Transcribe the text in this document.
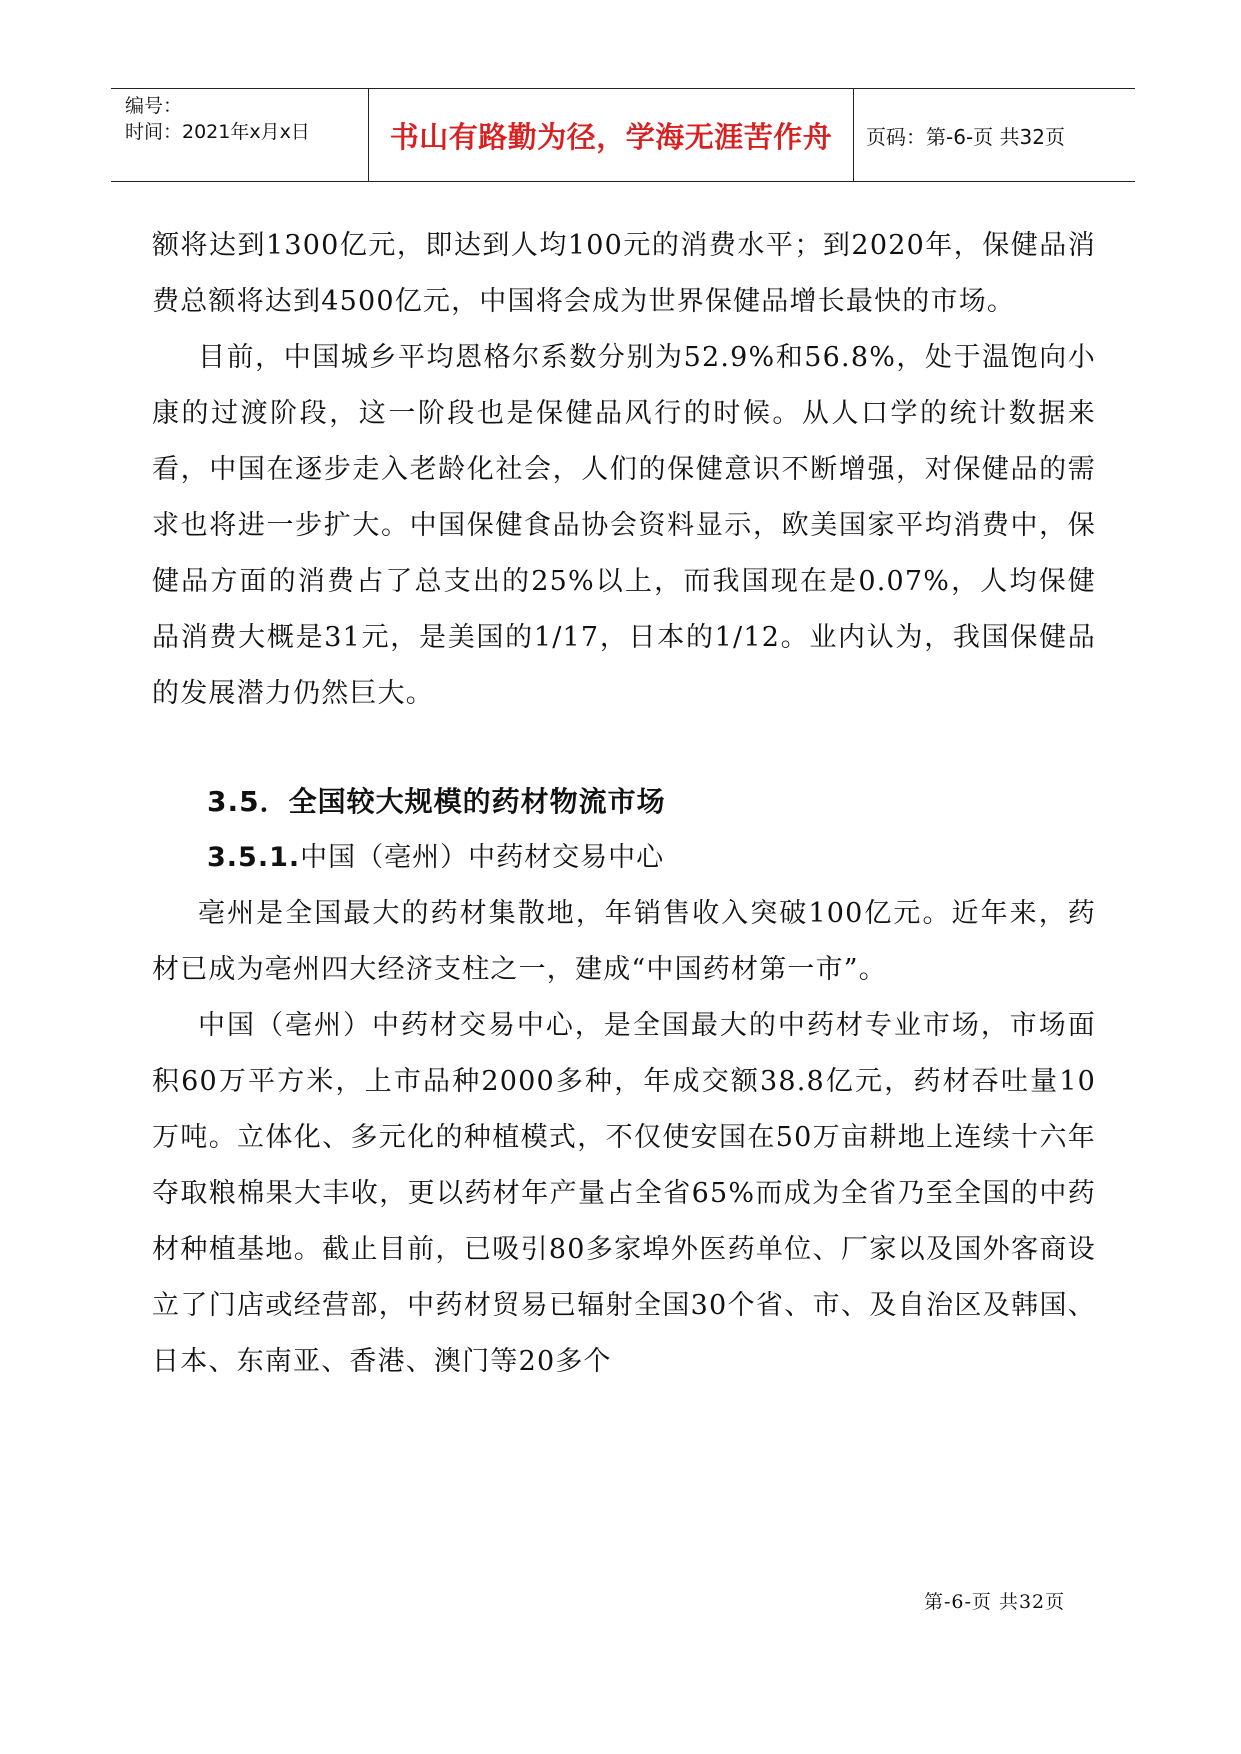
编号：
时间：2021年x月x日	书山有路勤为径，学海无涯苦作舟	页码：第-6-页 共32页

额将达到1300亿元，即达到人均100元的消费水平；到2020年，保健品消费总额将达到4500亿元，中国将会成为世界保健品增长最快的市场。

目前，中国城乡平均恩格尔系数分别为52.9%和56.8%，处于温饱向小康的过渡阶段，这一阶段也是保健品风行的时候。从人口学的统计数据来看，中国在逐步走入老龄化社会，人们的保健意识不断增强，对保健品的需求也将进一步扩大。中国保健食品协会资料显示，欧美国家平均消费中，保健品方面的消费占了总支出的25%以上，而我国现在是0.07%，人均保健品消费大概是31元，是美国的1/17，日本的1/12。业内认为，我国保健品的发展潜力仍然巨大。

3.5．全国较大规模的药材物流市场

3.5.1.中国（亳州）中药材交易中心

亳州是全国最大的药材集散地，年销售收入突破100亿元。近年来，药材已成为亳州四大经济支柱之一，建成“中国药材第一市”。

中国（亳州）中药材交易中心，是全国最大的中药材专业市场，市场面积60万平方米，上市品种2000多种，年成交额38.8亿元，药材吞吐量10万吨。立体化、多元化的种植模式，不仅使安国在50万亩耕地上连续十六年夺取粮棉果大丰收，更以药材年产量占全省65%而成为全省乃至全国的中药材种植基地。截止目前，已吸引80多家埠外医药单位、厂家以及国外客商设立了门店或经营部，中药材贸易已辐射全国30个省、市、及自治区及韩国、日本、东南亚、香港、澳门等20多个

第-6-页 共32页
